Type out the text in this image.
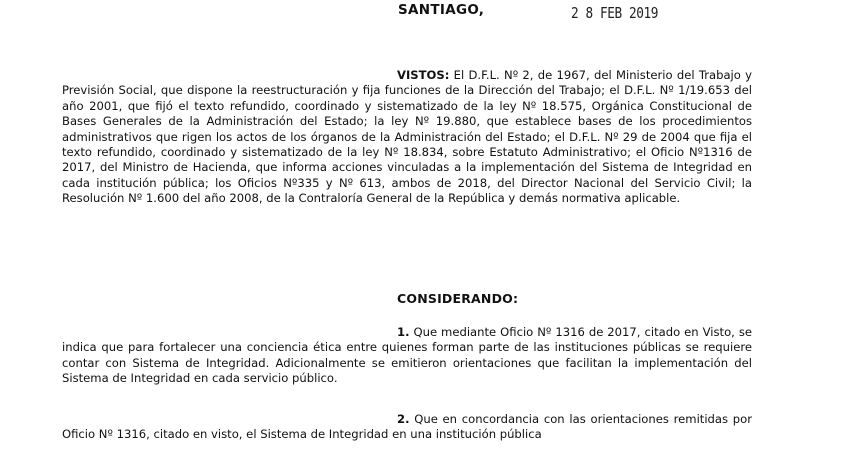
SANTIAGO,	2 8 FEB 2019

VISTOS: El D.F.L. Nº 2, de 1967, del Ministerio del Trabajo y Previsión Social, que dispone la reestructuración y fija funciones de la Dirección del Trabajo; el D.F.L. Nº 1/19.653 del año 2001, que fijó el texto refundido, coordinado y sistematizado de la ley Nº 18.575, Orgánica Constitucional de Bases Generales de la Administración del Estado; la ley Nº 19.880, que establece bases de los procedimientos administrativos que rigen los actos de los órganos de la Administración del Estado; el D.F.L. Nº 29 de 2004 que fija el texto refundido, coordinado y sistematizado de la ley Nº 18.834, sobre Estatuto Administrativo; el Oficio Nº1316 de 2017, del Ministro de Hacienda, que informa acciones vinculadas a la implementación del Sistema de Integridad en cada institución pública; los Oficios Nº335 y Nº 613, ambos de 2018, del Director Nacional del Servicio Civil; la Resolución Nº 1.600 del año 2008, de la Contraloría General de la República y demás normativa aplicable.

CONSIDERANDO:

1. Que mediante Oficio Nº 1316 de 2017, citado en Visto, se indica que para fortalecer una conciencia ética entre quienes forman parte de las instituciones públicas se requiere contar con Sistema de Integridad. Adicionalmente se emitieron orientaciones que facilitan la implementación del Sistema de Integridad en cada servicio público.

2. Que en concordancia con las orientaciones remitidas por Oficio Nº 1316, citado en visto, el Sistema de Integridad en una institución pública
